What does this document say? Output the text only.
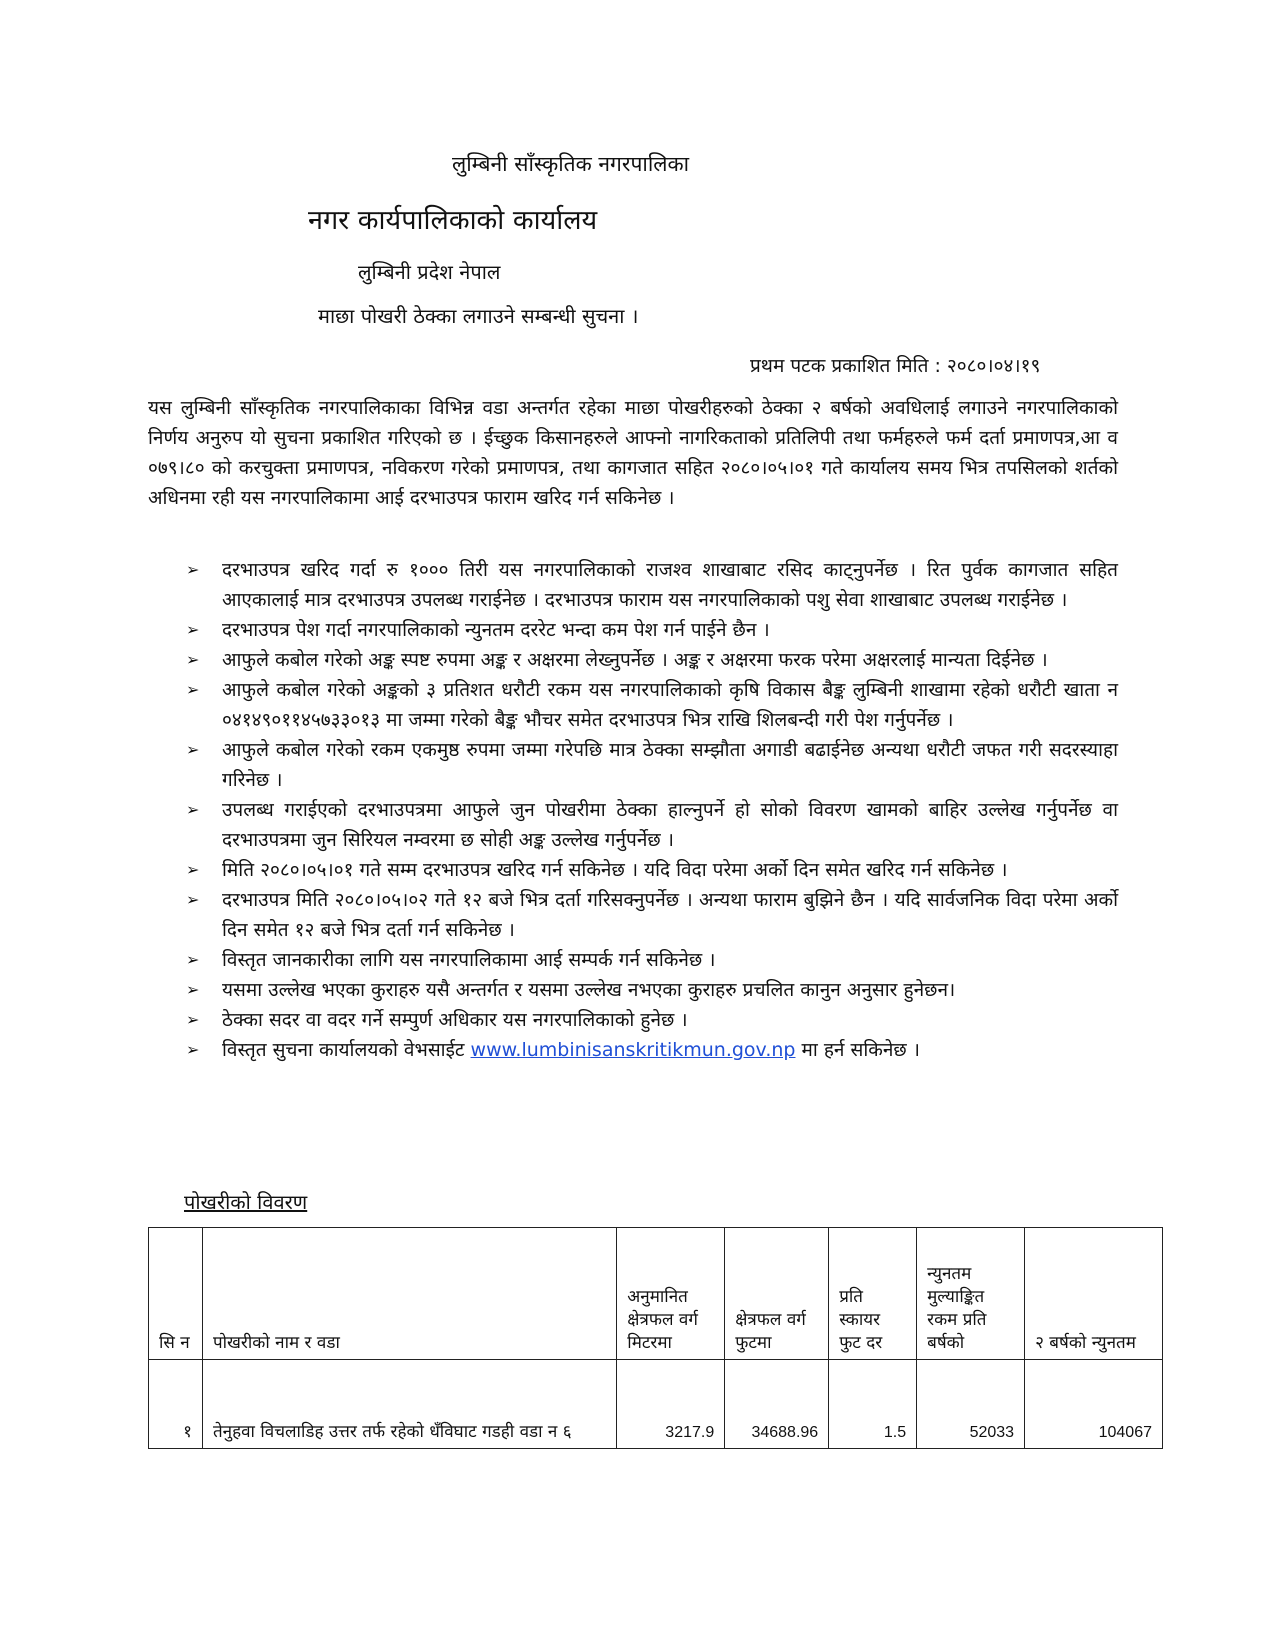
लुम्बिनी साँस्कृतिक नगरपालिका
नगर कार्यपालिकाको कार्यालय
लुम्बिनी प्रदेश नेपाल
माछा पोखरी ठेक्का लगाउने सम्बन्धी सुचना ।
प्रथम पटक प्रकाशित मिति : २०८०।०४।१९
यस लुम्बिनी साँस्कृतिक नगरपालिकाका विभिन्न वडा अन्तर्गत रहेका माछा पोखरीहरुको ठेक्का २ बर्षको अवधिलाई लगाउने नगरपालिकाको निर्णय अनुरुप यो सुचना प्रकाशित गरिएको छ । ईच्छुक किसानहरुले आफ्नो नागरिकताको प्रतिलिपी तथा फर्महरुले फर्म दर्ता प्रमाणपत्र,आ व ०७९।८० को करचुक्ता प्रमाणपत्र, नविकरण गरेको प्रमाणपत्र, तथा कागजात सहित २०८०।०५।०१ गते कार्यालय समय भित्र तपसिलको शर्तको अधिनमा रही यस नगरपालिकामा आई दरभाउपत्र फाराम खरिद गर्न सकिनेछ ।
➢ दरभाउपत्र खरिद गर्दा रु १००० तिरी यस नगरपालिकाको राजश्व शाखाबाट रसिद काट्नुपर्नेछ । रित पुर्वक कागजात सहित आएकालाई मात्र दरभाउपत्र उपलब्ध गराईनेछ । दरभाउपत्र फाराम यस नगरपालिकाको पशु सेवा शाखाबाट उपलब्ध गराईनेछ ।
➢ दरभाउपत्र पेश गर्दा नगरपालिकाको न्युनतम दररेट भन्दा कम पेश गर्न पाईने छैन ।
➢ आफुले कबोल गरेको अङ्क स्पष्ट रुपमा अङ्क र अक्षरमा लेख्नुपर्नेछ । अङ्क र अक्षरमा फरक परेमा अक्षरलाई मान्यता दिईनेछ ।
➢ आफुले कबोल गरेको अङ्कको ३ प्रतिशत धरौटी रकम यस नगरपालिकाको कृषि विकास बैङ्क लुम्बिनी शाखामा रहेको धरौटी खाता न ०४१४९०११४५७३३०१३ मा जम्मा गरेको बैङ्क भौचर समेत दरभाउपत्र भित्र राखि शिलबन्दी गरी पेश गर्नुपर्नेछ ।
➢ आफुले कबोल गरेको रकम एकमुष्ठ रुपमा जम्मा गरेपछि मात्र ठेक्का सम्झौता अगाडी बढाईनेछ अन्यथा धरौटी जफत गरी सदरस्याहा गरिनेछ ।
➢ उपलब्ध गराईएको दरभाउपत्रमा आफुले जुन पोखरीमा ठेक्का हाल्नुपर्ने हो सोको विवरण खामको बाहिर उल्लेख गर्नुपर्नेछ वा दरभाउपत्रमा जुन सिरियल नम्वरमा छ सोही अङ्क उल्लेख गर्नुपर्नेछ ।
➢ मिति २०८०।०५।०१ गते सम्म दरभाउपत्र खरिद गर्न सकिनेछ । यदि विदा परेमा अर्को दिन समेत खरिद गर्न सकिनेछ ।
➢ दरभाउपत्र मिति २०८०।०५।०२ गते १२ बजे भित्र दर्ता गरिसक्नुपर्नेछ । अन्यथा फाराम बुझिने छैन । यदि सार्वजनिक विदा परेमा अर्को दिन समेत १२ बजे भित्र दर्ता गर्न सकिनेछ ।
➢ विस्तृत जानकारीका लागि यस नगरपालिकामा आई सम्पर्क गर्न सकिनेछ ।
➢ यसमा उल्लेख भएका कुराहरु यसै अन्तर्गत र यसमा उल्लेख नभएका कुराहरु प्रचलित कानुन अनुसार हुनेछन।
➢ ठेक्का सदर वा वदर गर्ने सम्पुर्ण अधिकार यस नगरपालिकाको हुनेछ ।
➢ विस्तृत सुचना कार्यालयको वेभसाईट www.lumbinisanskritikmun.gov.np मा हर्न सकिनेछ ।
पोखरीको विवरण
सि न	पोखरीको नाम र वडा	अनुमानित क्षेत्रफल वर्ग मिटरमा	क्षेत्रफल वर्ग फुटमा	प्रति स्कायर फुट दर	न्युनतम मुल्याङ्कित रकम प्रति बर्षको	२ बर्षको न्युनतम
१	तेनुहवा विचलाडिह उत्तर तर्फ रहेको धँविघाट गडही वडा न ६	3217.9	34688.96	1.5	52033	104067
